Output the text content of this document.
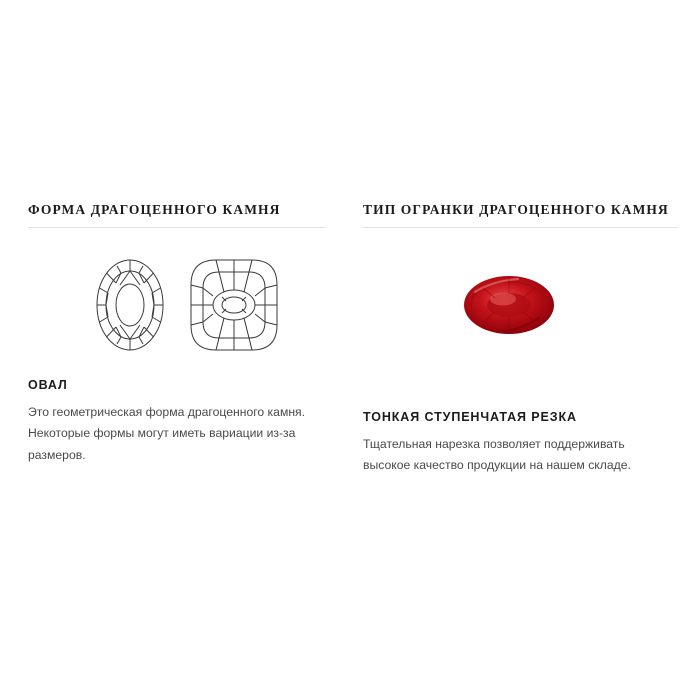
ФОРМА ДРАГОЦЕННОГО КАМНЯ
ОВАЛ

Это геометрическая форма драгоценного камня. Некоторые формы могут иметь вариации из-за размеров.

ТИП ОГРАНКИ ДРАГОЦЕННОГО КАМНЯ
ТОНКАЯ СТУПЕНЧАТАЯ РЕЗКА

Тщательная нарезка позволяет поддерживать высокое качество продукции на нашем складе.
